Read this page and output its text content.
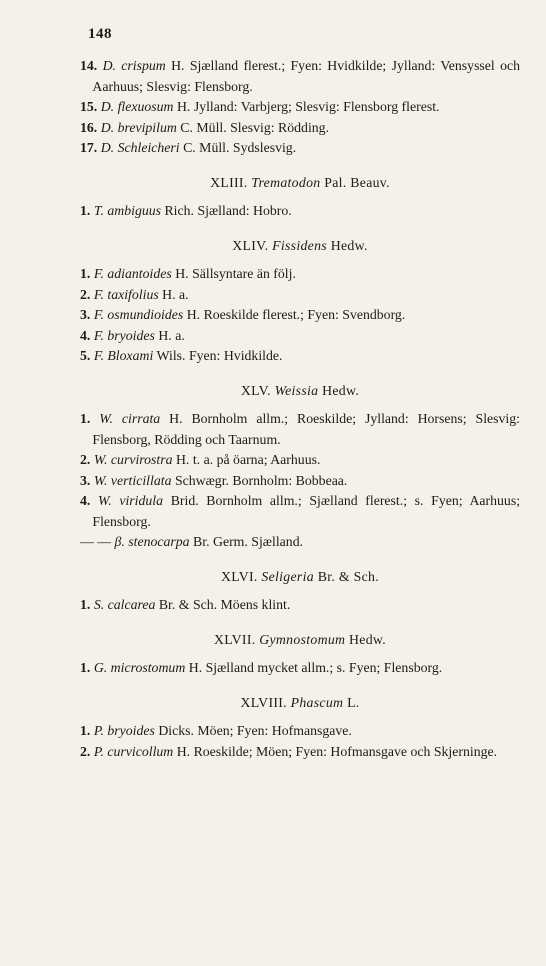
148

14. D. crispum H. Sjælland flerest.; Fyen: Hvidkilde; Jylland: Vensyssel och Aarhuus; Slesvig: Flensborg.

15. D. flexuosum H. Jylland: Varbjerg; Slesvig: Flensborg flerest.

16. D. brevipilum C. Müll. Slesvig: Rödding.

17. D. Schleicheri C. Müll. Sydslesvig.

XLIII. Trematodon Pal. Beauv.

1. T. ambiguus Rich. Sjælland: Hobro.

XLIV. Fissidens Hedw.

1. F. adiantoides H. Sällsyntare än följ.

2. F. taxifolius H. a.

3. F. osmundioides H. Roeskilde flerest.; Fyen: Svendborg.

4. F. bryoides H. a.

5. F. Bloxami Wils. Fyen: Hvidkilde.

XLV. Weissia Hedw.

1. W. cirrata H. Bornholm allm.; Roeskilde; Jylland: Horsens; Slesvig: Flensborg, Rödding och Taarnum.

2. W. curvirostra H. t. a. på öarna; Aarhuus.

3. W. verticillata Schwægr. Bornholm: Bobbeaa.

4. W. viridula Brid. Bornholm allm.; Sjælland flerest.; s. Fyen; Aarhuus; Flensborg.

— — β. stenocarpa Br. Germ. Sjælland.

XLVI. Seligeria Br. & Sch.

1. S. calcarea Br. & Sch. Möens klint.

XLVII. Gymnostomum Hedw.

1. G. microstomum H. Sjælland mycket allm.; s. Fyen; Flensborg.

XLVIII. Phascum L.

1. P. bryoides Dicks. Möen; Fyen: Hofmansgave.

2. P. curvicollum H. Roeskilde; Möen; Fyen: Hofmansgave och Skjerninge.
